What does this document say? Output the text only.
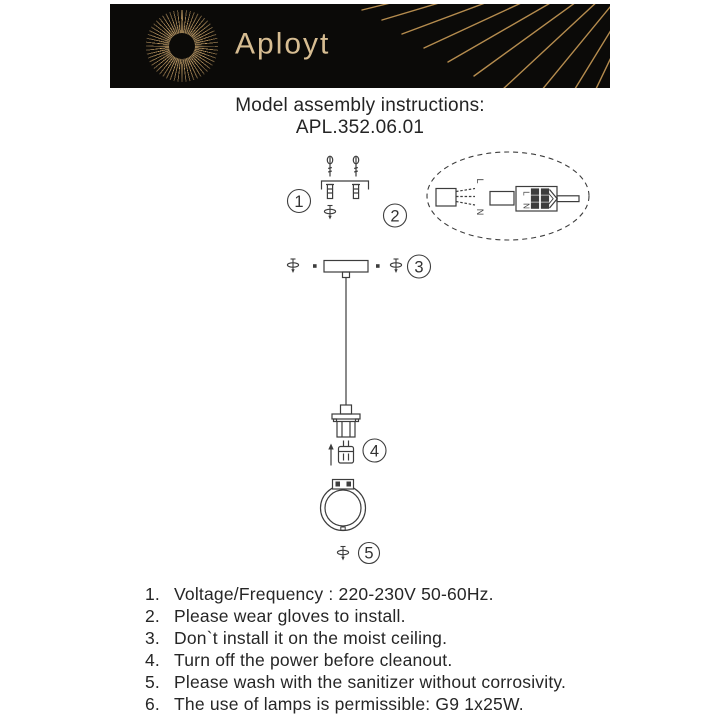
Aployt
Model assembly instructions:
APL.352.06.01
1
L
N
L
N
2
3
4
5
1. Voltage/Frequency : 220-230V 50-60Hz.
2. Please wear gloves to install.
3. Don`t install it on the moist ceiling.
4. Turn off the power before cleanout.
5. Please wash with the sanitizer without corrosivity.
6. The use of lamps is permissible: G9 1x25W.
